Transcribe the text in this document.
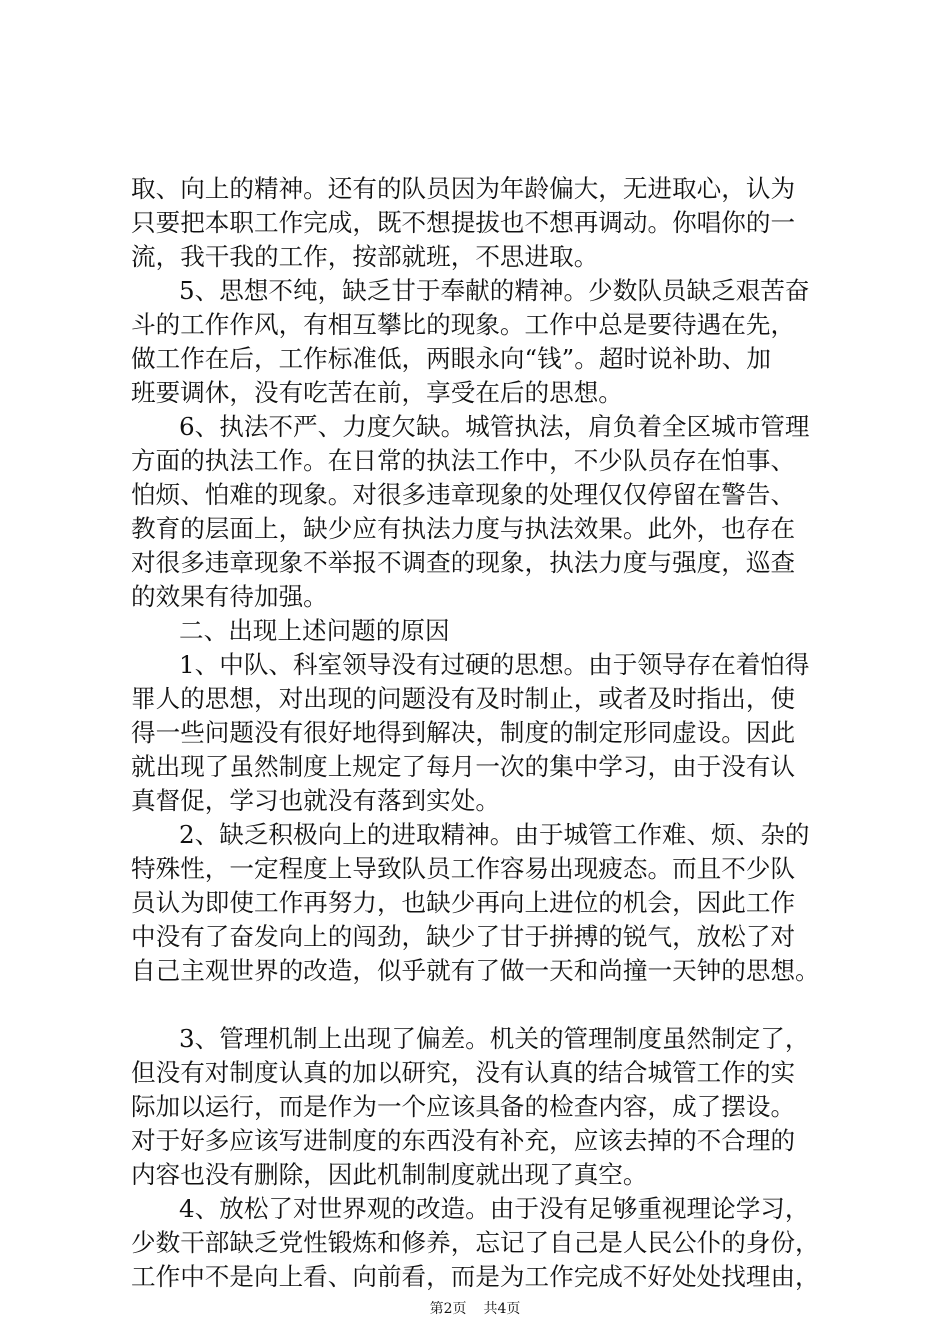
取、向上的精神。还有的队员因为年龄偏大，无进取心，认为
只要把本职工作完成，既不想提拔也不想再调动。你唱你的一
流，我干我的工作，按部就班，不思进取。
5、思想不纯，缺乏甘于奉献的精神。少数队员缺乏艰苦奋
斗的工作作风，有相互攀比的现象。工作中总是要待遇在先，
做工作在后，工作标准低，两眼永向“钱”。超时说补助、加
班要调休，没有吃苦在前，享受在后的思想。
6、执法不严、力度欠缺。城管执法，肩负着全区城市管理
方面的执法工作。在日常的执法工作中，不少队员存在怕事、
怕烦、怕难的现象。对很多违章现象的处理仅仅停留在警告、
教育的层面上，缺少应有执法力度与执法效果。此外，也存在
对很多违章现象不举报不调查的现象，执法力度与强度，巡查
的效果有待加强。
二、出现上述问题的原因
1、中队、科室领导没有过硬的思想。由于领导存在着怕得
罪人的思想，对出现的问题没有及时制止，或者及时指出，使
得一些问题没有很好地得到解决，制度的制定形同虚设。因此
就出现了虽然制度上规定了每月一次的集中学习，由于没有认
真督促，学习也就没有落到实处。
2、缺乏积极向上的进取精神。由于城管工作难、烦、杂的
特殊性，一定程度上导致队员工作容易出现疲态。而且不少队
员认为即使工作再努力，也缺少再向上进位的机会，因此工作
中没有了奋发向上的闯劲，缺少了甘于拼搏的锐气，放松了对
自己主观世界的改造，似乎就有了做一天和尚撞一天钟的思想。
3、管理机制上出现了偏差。机关的管理制度虽然制定了，
但没有对制度认真的加以研究，没有认真的结合城管工作的实
际加以运行，而是作为一个应该具备的检查内容，成了摆设。
对于好多应该写进制度的东西没有补充，应该去掉的不合理的
内容也没有删除，因此机制制度就出现了真空。
4、放松了对世界观的改造。由于没有足够重视理论学习，
少数干部缺乏党性锻炼和修养，忘记了自己是人民公仆的身份，
工作中不是向上看、向前看，而是为工作完成不好处处找理由，
第2页 共4页
